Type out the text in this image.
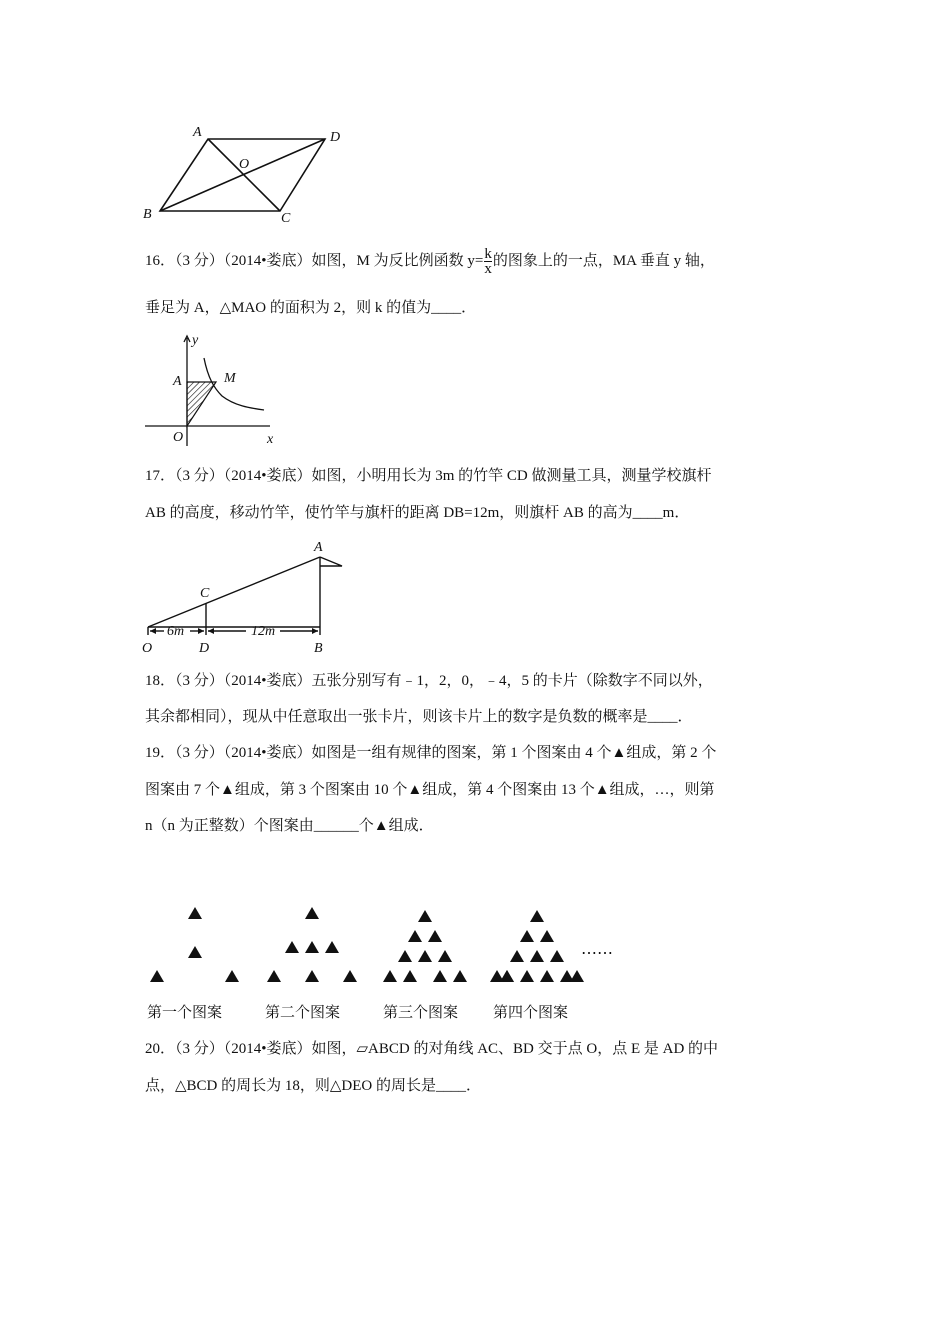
A	D
O
B	C
16．（3 分）（2014•娄底）如图，M 为反比例函数 $y= \frac{k}{x}$ 的图象上的一点，MA 垂直 y 轴，
垂足为 A，△MAO 的面积为 2，则 k 的值为____．
y
A	M
O	x
17．（3 分）（2014•娄底）如图，小明用长为 3m 的竹竿 CD 做测量工具，测量学校旗杆
AB 的高度，移动竹竿，使竹竿与旗杆的距离 DB=12m，则旗杆 AB 的高为____m．
A
C
6m	12m
O	D	B
18．（3 分）（2014•娄底）五张分别写有﹣1，2，0，﹣4，5 的卡片（除数字不同以外，
其余都相同），现从中任意取出一张卡片，则该卡片上的数字是负数的概率是____．
19．（3 分）（2014•娄底）如图是一组有规律的图案，第 1 个图案由 4 个▲组成，第 2 个
图案由 7 个▲组成，第 3 个图案由 10 个▲组成，第 4 个图案由 13 个▲组成，…，则第
n（n 为正整数）个图案由______个▲组成．
……
第一个图案	第二个图案	第三个图案 第四个图案
20．（3 分）（2014•娄底）如图，▱ABCD 的对角线 AC、BD 交于点 O，点 E 是 AD 的中
点，△BCD 的周长为 18，则△DEO 的周长是____．
